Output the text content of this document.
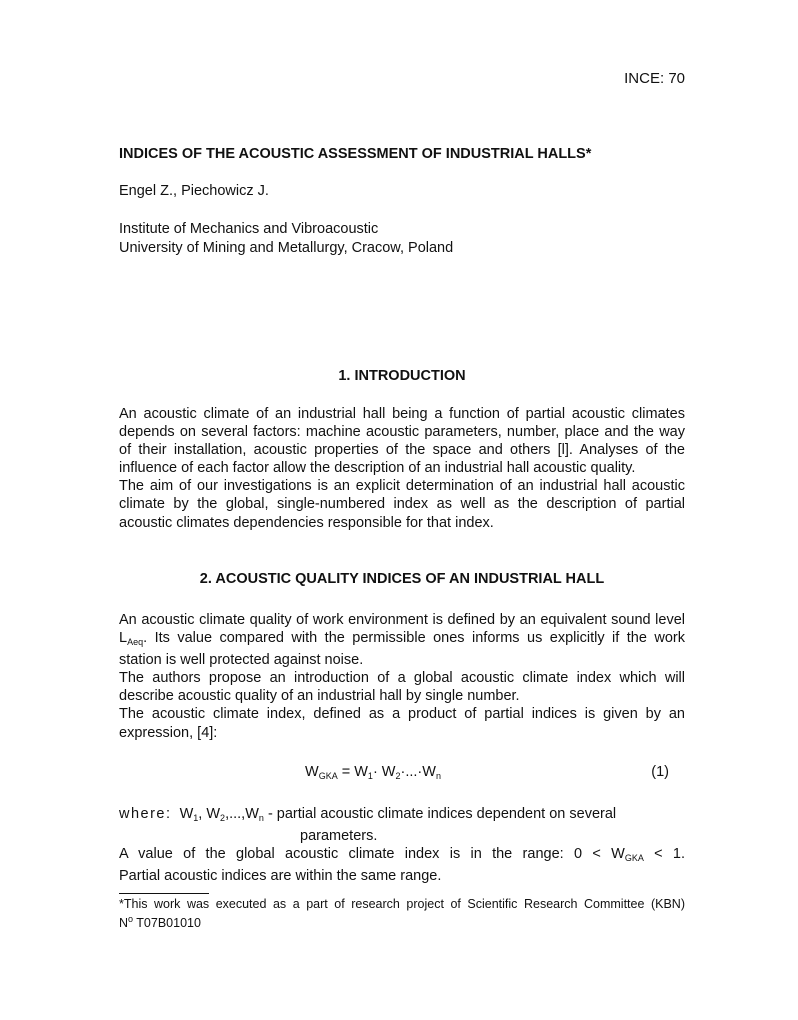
INCE: 70
INDICES OF THE ACOUSTIC ASSESSMENT OF INDUSTRIAL HALLS*
Engel Z., Piechowicz J.
Institute of Mechanics and Vibroacoustic
University of Mining and Metallurgy, Cracow, Poland
1. INTRODUCTION

An acoustic climate of an industrial hall being a function of partial acoustic climates depends on several factors: machine acoustic parameters, number, place and the way of their installation, acoustic properties of the space and others [l]. Analyses of the influence of each factor allow the description of an industrial hall acoustic quality.

The aim of our investigations is an explicit determination of an industrial hall acoustic climate by the global, single-numbered index as well as the description of partial acoustic climates dependencies responsible for that index.

2. ACOUSTIC QUALITY INDICES OF AN INDUSTRIAL HALL

An acoustic climate quality of work environment is defined by an equivalent sound level $L_{Aeq}$. Its value compared with the permissible ones informs us explicitly if the work station is well protected against noise.

The authors propose an introduction of a global acoustic climate index which will describe acoustic quality of an industrial hall by single number.

The acoustic climate index, defined as a product of partial indices is given by an expression, [4]:

$W_{GKA} = W_1\cdot W_2\cdot...\cdot W_n$	(1)
where: $W_1$, $W_2,...,W_n$ - partial acoustic climate indices dependent on several
parameters.
A value of the global acoustic climate index is in the range: $0 < W_{GKA} < 1$.
Partial acoustic indices are within the same range.
*This work was executed as a part of research project of Scientific Research Committee (KBN)
$N^o$ T07B01010
